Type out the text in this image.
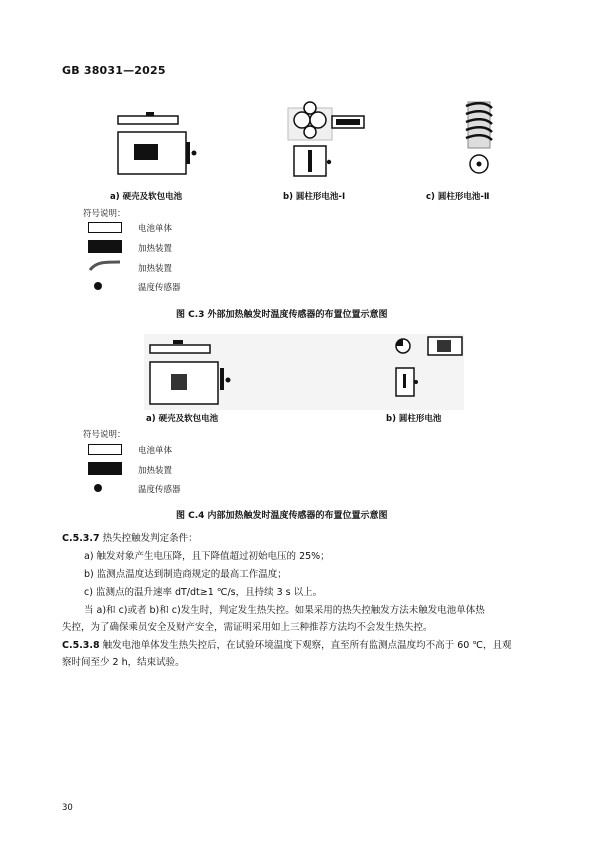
GB 38031—2025
a) 硬壳及软包电池	b) 圆柱形电池-Ⅰ	c) 圆柱形电池-Ⅱ
符号说明：
电池单体
加热装置
加热装置
温度传感器
图 C.3 外部加热触发时温度传感器的布置位置示意图
a) 硬壳及软包电池	b) 圆柱形电池
符号说明：
电池单体
加热装置
温度传感器
图 C.4 内部加热触发时温度传感器的布置位置示意图
C.5.3.7 热失控触发判定条件：
a) 触发对象产生电压降，且下降值超过初始电压的 25%；
b) 监测点温度达到制造商规定的最高工作温度；
c) 监测点的温升速率 dT/dt≥1 ℃/s，且持续 3 s 以上。
当 a)和 c)或者 b)和 c)发生时，判定发生热失控。如果采用的热失控触发方法未触发电池单体热
失控，为了确保乘员安全及财产安全，需证明采用如上三种推荐方法均不会发生热失控。
C.5.3.8 触发电池单体发生热失控后，在试验环境温度下观察，直至所有监测点温度均不高于 60 ℃，且观
察时间至少 2 h，结束试验。
30
